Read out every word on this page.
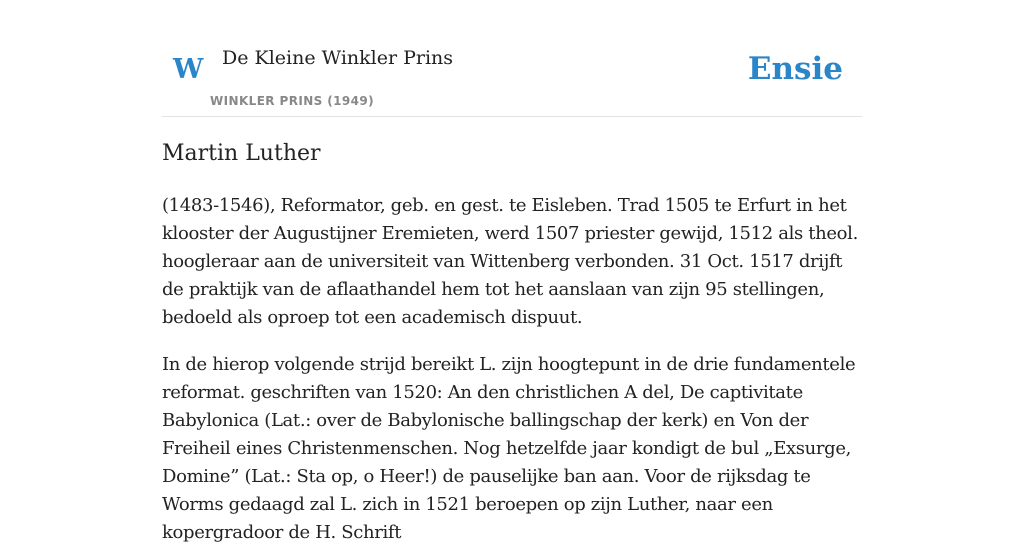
W De Kleine Winkler Prins
WINKLER PRINS (1949)
Ensie
Martin Luther

(1483-1546), Reformator, geb. en gest. te Eisleben. Trad 1505 te Erfurt in het klooster der Augustijner Eremieten, werd 1507 priester gewijd, 1512 als theol. hoogleraar aan de universiteit van Wittenberg verbonden. 31 Oct. 1517 drijft de praktijk van de aflaathandel hem tot het aanslaan van zijn 95 stellingen, bedoeld als oproep tot een academisch dispuut.

In de hierop volgende strijd bereikt L. zijn hoogtepunt in de drie fundamentele reformat. geschriften van 1520: An den christlichen A del, De captivitate Babylonica (Lat.: over de Babylonische ballingschap der kerk) en Von der Freiheil eines Christenmenschen. Nog hetzelfde jaar kondigt de bul „Exsurge, Domine” (Lat.: Sta op, o Heer!) de pauselijke ban aan. Voor de rijksdag te Worms gedaagd zal L. zich in 1521 beroepen op zijn Luther, naar een kopergradoor de H. Schrift
